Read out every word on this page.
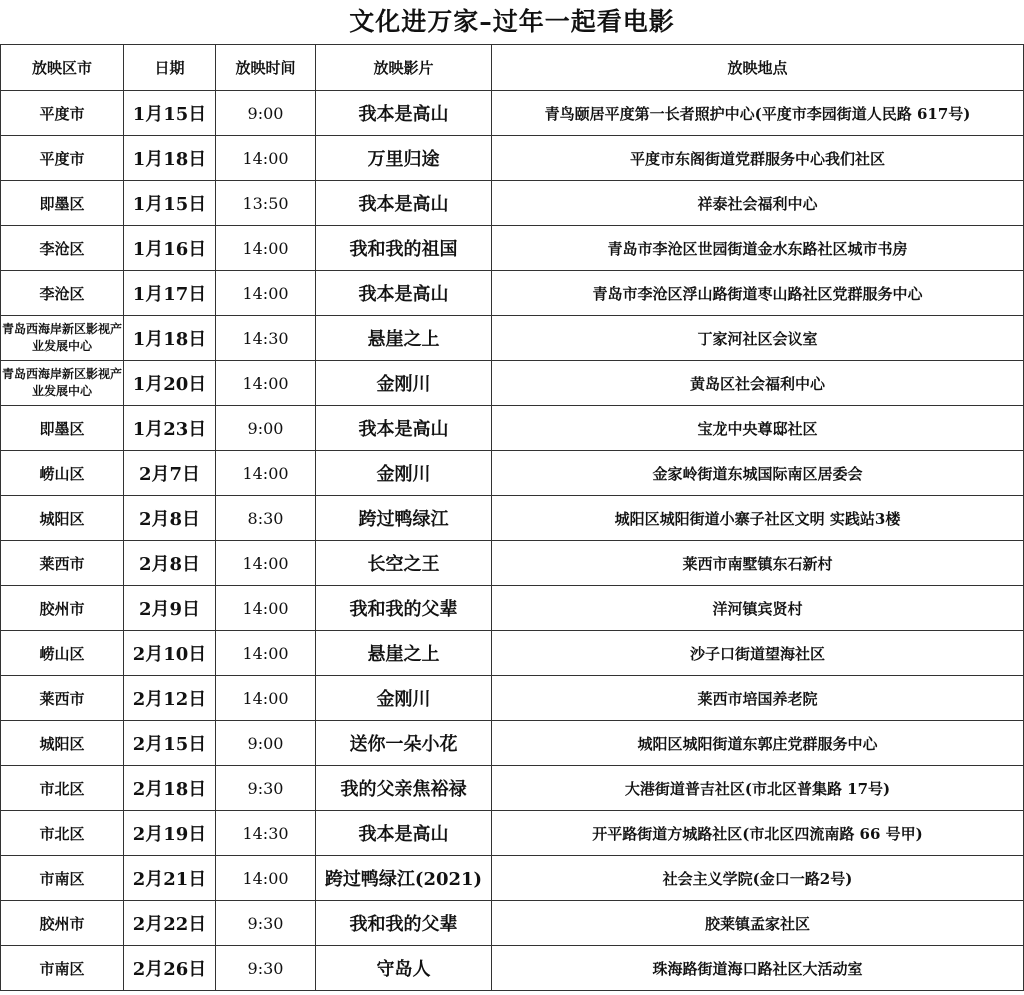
文化进万家–过年一起看电影
放映区市	日期	放映时间	放映影片	放映地点
平度市	1月15日	9:00	我本是高山	青鸟颐居平度第一长者照护中心(平度市李园街道人民路 617号)
平度市	1月18日	14:00	万里归途	平度市东阁街道党群服务中心我们社区
即墨区	1月15日	13:50	我本是高山	祥泰社会福利中心
李沧区	1月16日	14:00	我和我的祖国	青岛市李沧区世园街道金水东路社区城市书房
李沧区	1月17日	14:00	我本是高山	青岛市李沧区浮山路街道枣山路社区党群服务中心
青岛西海岸新区影视产业发展中心	1月18日	14:30	悬崖之上	丁家河社区会议室
青岛西海岸新区影视产业发展中心	1月20日	14:00	金刚川	黄岛区社会福利中心
即墨区	1月23日	9:00	我本是高山	宝龙中央尊邸社区
崂山区	2月7日	14:00	金刚川	金家岭街道东城国际南区居委会
城阳区	2月8日	8:30	跨过鸭绿江	城阳区城阳街道小寨子社区文明 实践站3楼
莱西市	2月8日	14:00	长空之王	莱西市南墅镇东石新村
胶州市	2月9日	14:00	我和我的父辈	洋河镇宾贤村
崂山区	2月10日	14:00	悬崖之上	沙子口街道望海社区
莱西市	2月12日	14:00	金刚川	莱西市培国养老院
城阳区	2月15日	9:00	送你一朵小花	城阳区城阳街道东郭庄党群服务中心
市北区	2月18日	9:30	我的父亲焦裕禄	大港街道普吉社区(市北区普集路 17号)
市北区	2月19日	14:30	我本是高山	开平路街道方城路社区(市北区四流南路 66 号甲)
市南区	2月21日	14:00	跨过鸭绿江(2021)	社会主义学院(金口一路2号)
胶州市	2月22日	9:30	我和我的父辈	胶莱镇孟家社区
市南区	2月26日	9:30	守岛人	珠海路街道海口路社区大活动室
